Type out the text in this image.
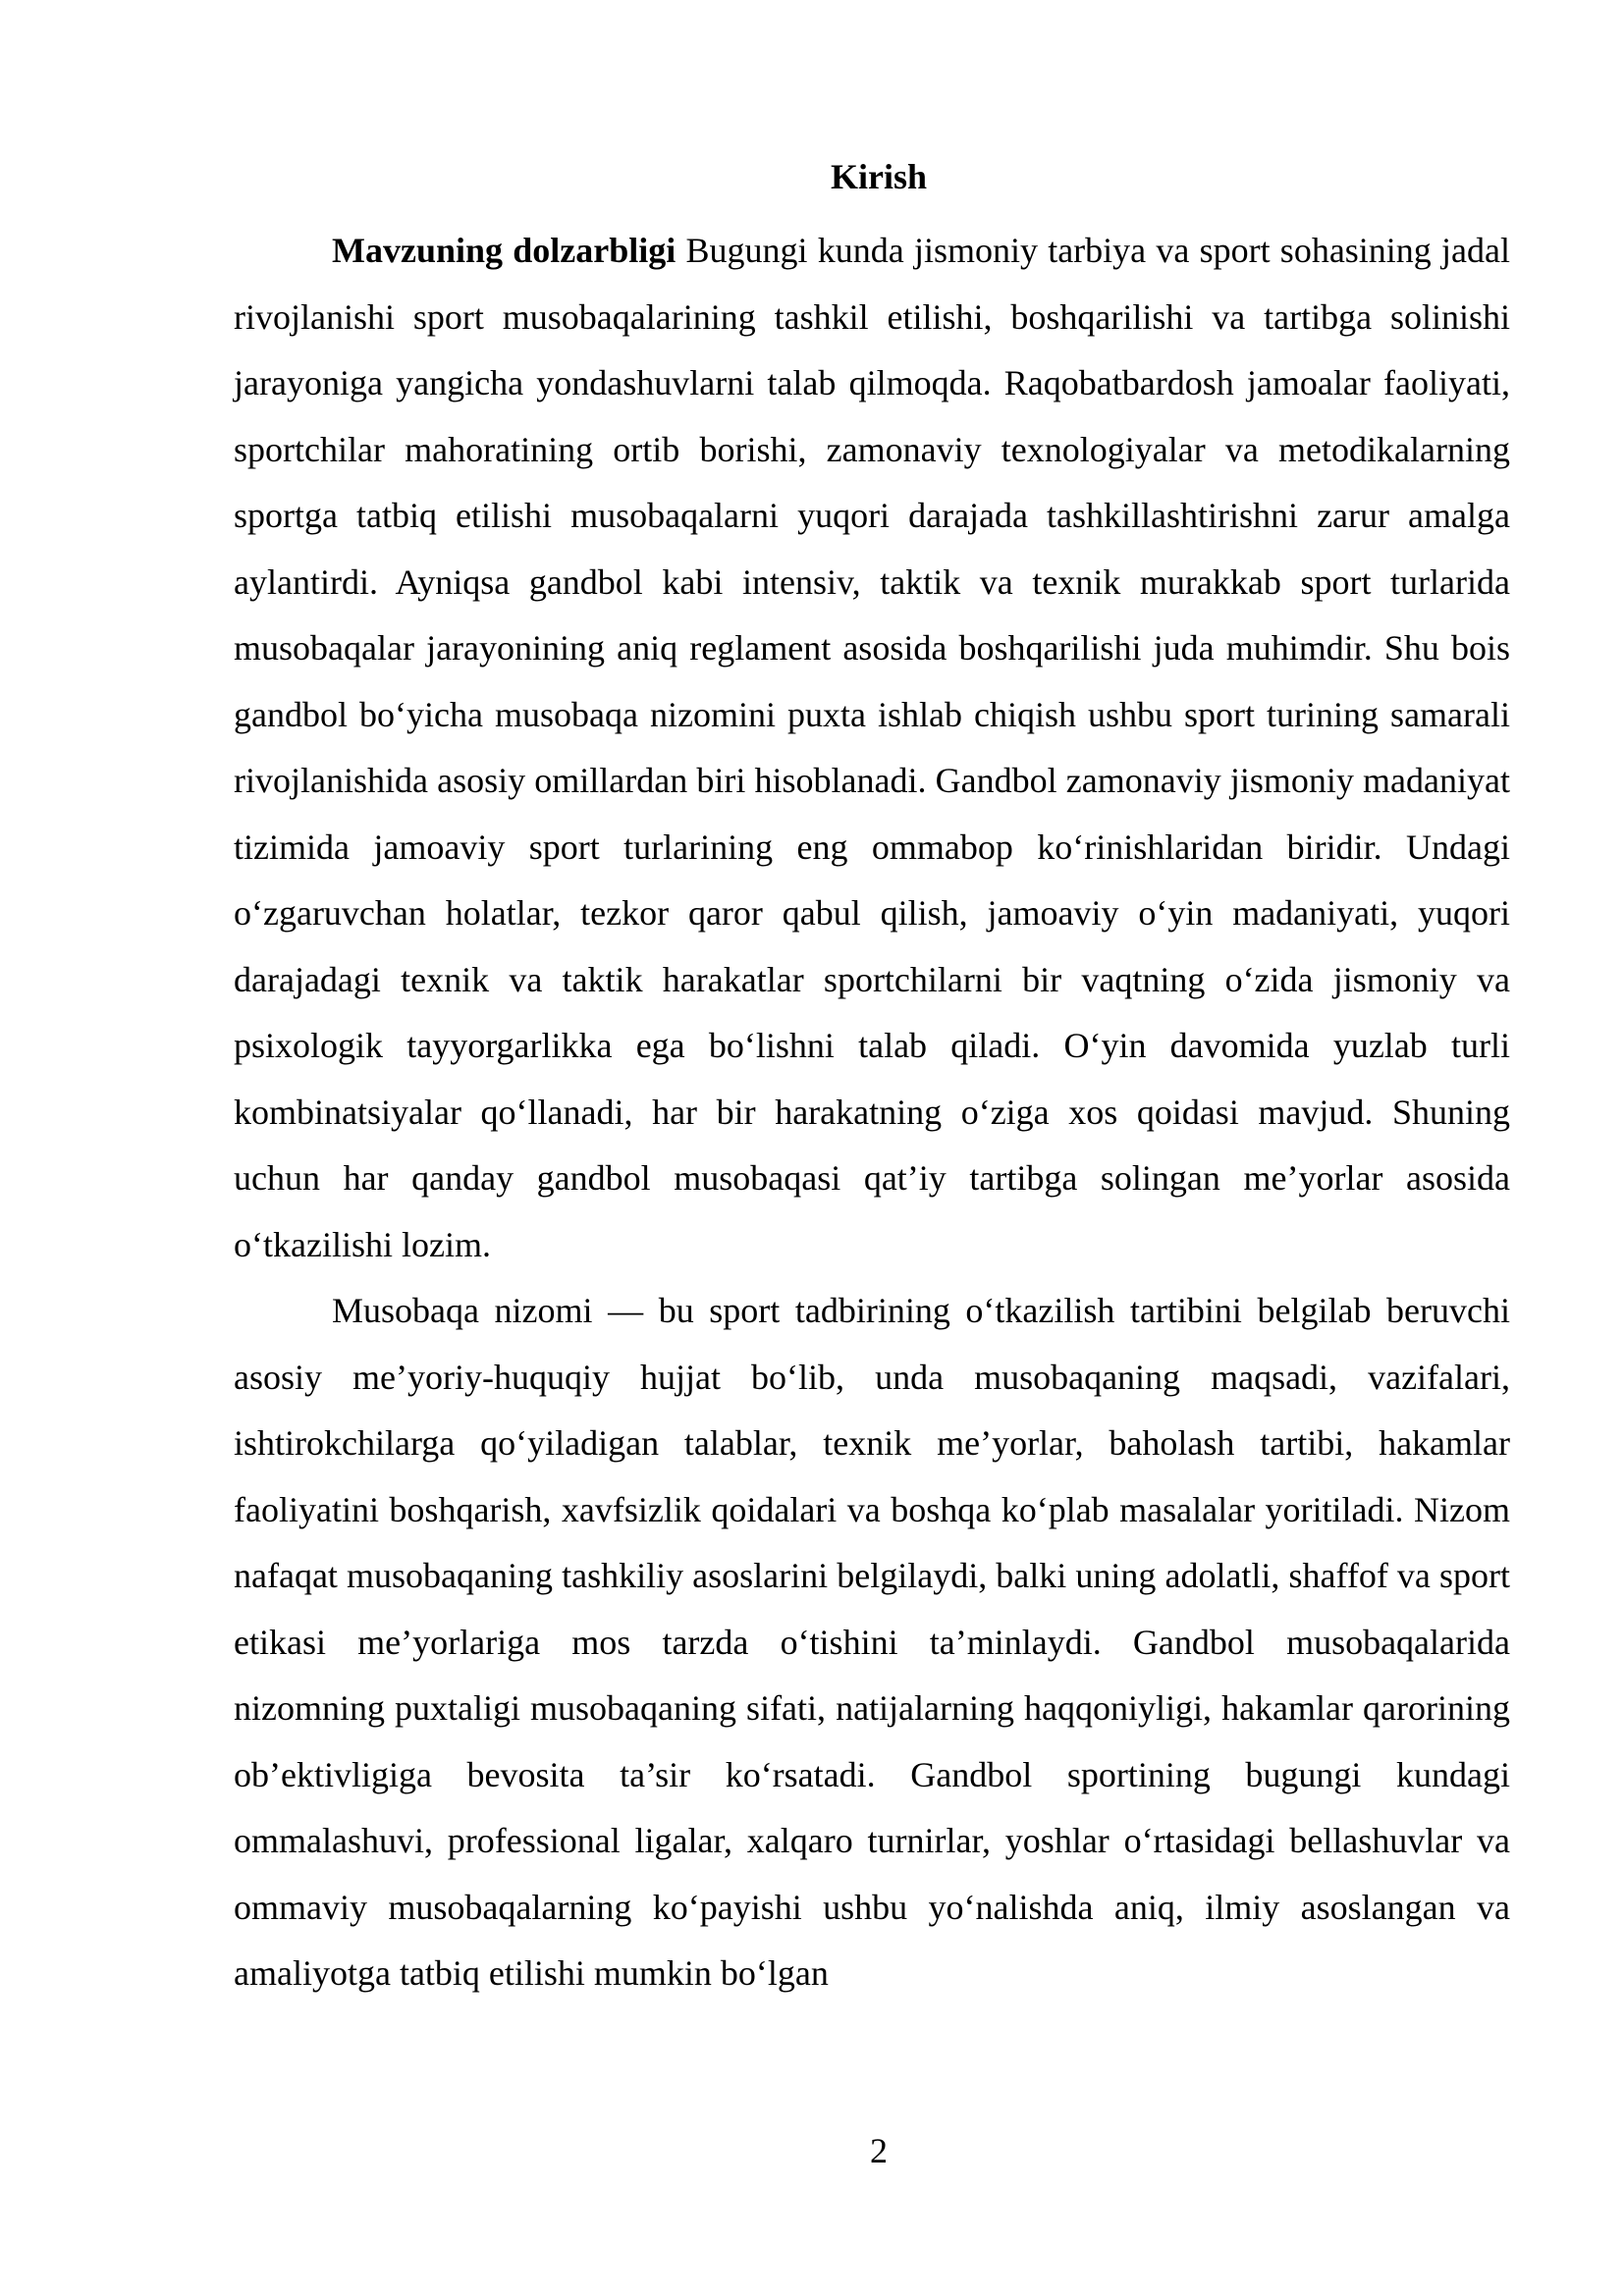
Kirish

Mavzuning dolzarbligi Bugungi kunda jismoniy tarbiya va sport sohasining jadal rivojlanishi sport musobaqalarining tashkil etilishi, boshqarilishi va tartibga solinishi jarayoniga yangicha yondashuvlarni talab qilmoqda. Raqobatbardosh jamoalar faoliyati, sportchilar mahoratining ortib borishi, zamonaviy texnologiyalar va metodikalarning sportga tatbiq etilishi musobaqalarni yuqori darajada tashkillashtirishni zarur amalga aylantirdi. Ayniqsa gandbol kabi intensiv, taktik va texnik murakkab sport turlarida musobaqalar jarayonining aniq reglament asosida boshqarilishi juda muhimdir. Shu bois gandbol bo‘yicha musobaqa nizomini puxta ishlab chiqish ushbu sport turining samarali rivojlanishida asosiy omillardan biri hisoblanadi. Gandbol zamonaviy jismoniy madaniyat tizimida jamoaviy sport turlarining eng ommabop ko‘rinishlaridan biridir. Undagi o‘zgaruvchan holatlar, tezkor qaror qabul qilish, jamoaviy o‘yin madaniyati, yuqori darajadagi texnik va taktik harakatlar sportchilarni bir vaqtning o‘zida jismoniy va psixologik tayyorgarlikka ega bo‘lishni talab qiladi. O‘yin davomida yuzlab turli kombinatsiyalar qo‘llanadi, har bir harakatning o‘ziga xos qoidasi mavjud. Shuning uchun har qanday gandbol musobaqasi qat’iy tartibga solingan me’yorlar asosida o‘tkazilishi lozim.

Musobaqa nizomi — bu sport tadbirining o‘tkazilish tartibini belgilab beruvchi asosiy me’yoriy-huquqiy hujjat bo‘lib, unda musobaqaning maqsadi, vazifalari, ishtirokchilarga qo‘yiladigan talablar, texnik me’yorlar, baholash tartibi, hakamlar faoliyatini boshqarish, xavfsizlik qoidalari va boshqa ko‘plab masalalar yoritiladi. Nizom nafaqat musobaqaning tashkiliy asoslarini belgilaydi, balki uning adolatli, shaffof va sport etikasi me’yorlariga mos tarzda o‘tishini ta’minlaydi. Gandbol musobaqalarida nizomning puxtaligi musobaqaning sifati, natijalarning haqqoniyligi, hakamlar qarorining ob’ektivligiga bevosita ta’sir ko‘rsatadi. Gandbol sportining bugungi kundagi ommalashuvi, professional ligalar, xalqaro turnirlar, yoshlar o‘rtasidagi bellashuvlar va ommaviy musobaqalarning ko‘payishi ushbu yo‘nalishda aniq, ilmiy asoslangan va amaliyotga tatbiq etilishi mumkin bo‘lgan

2
